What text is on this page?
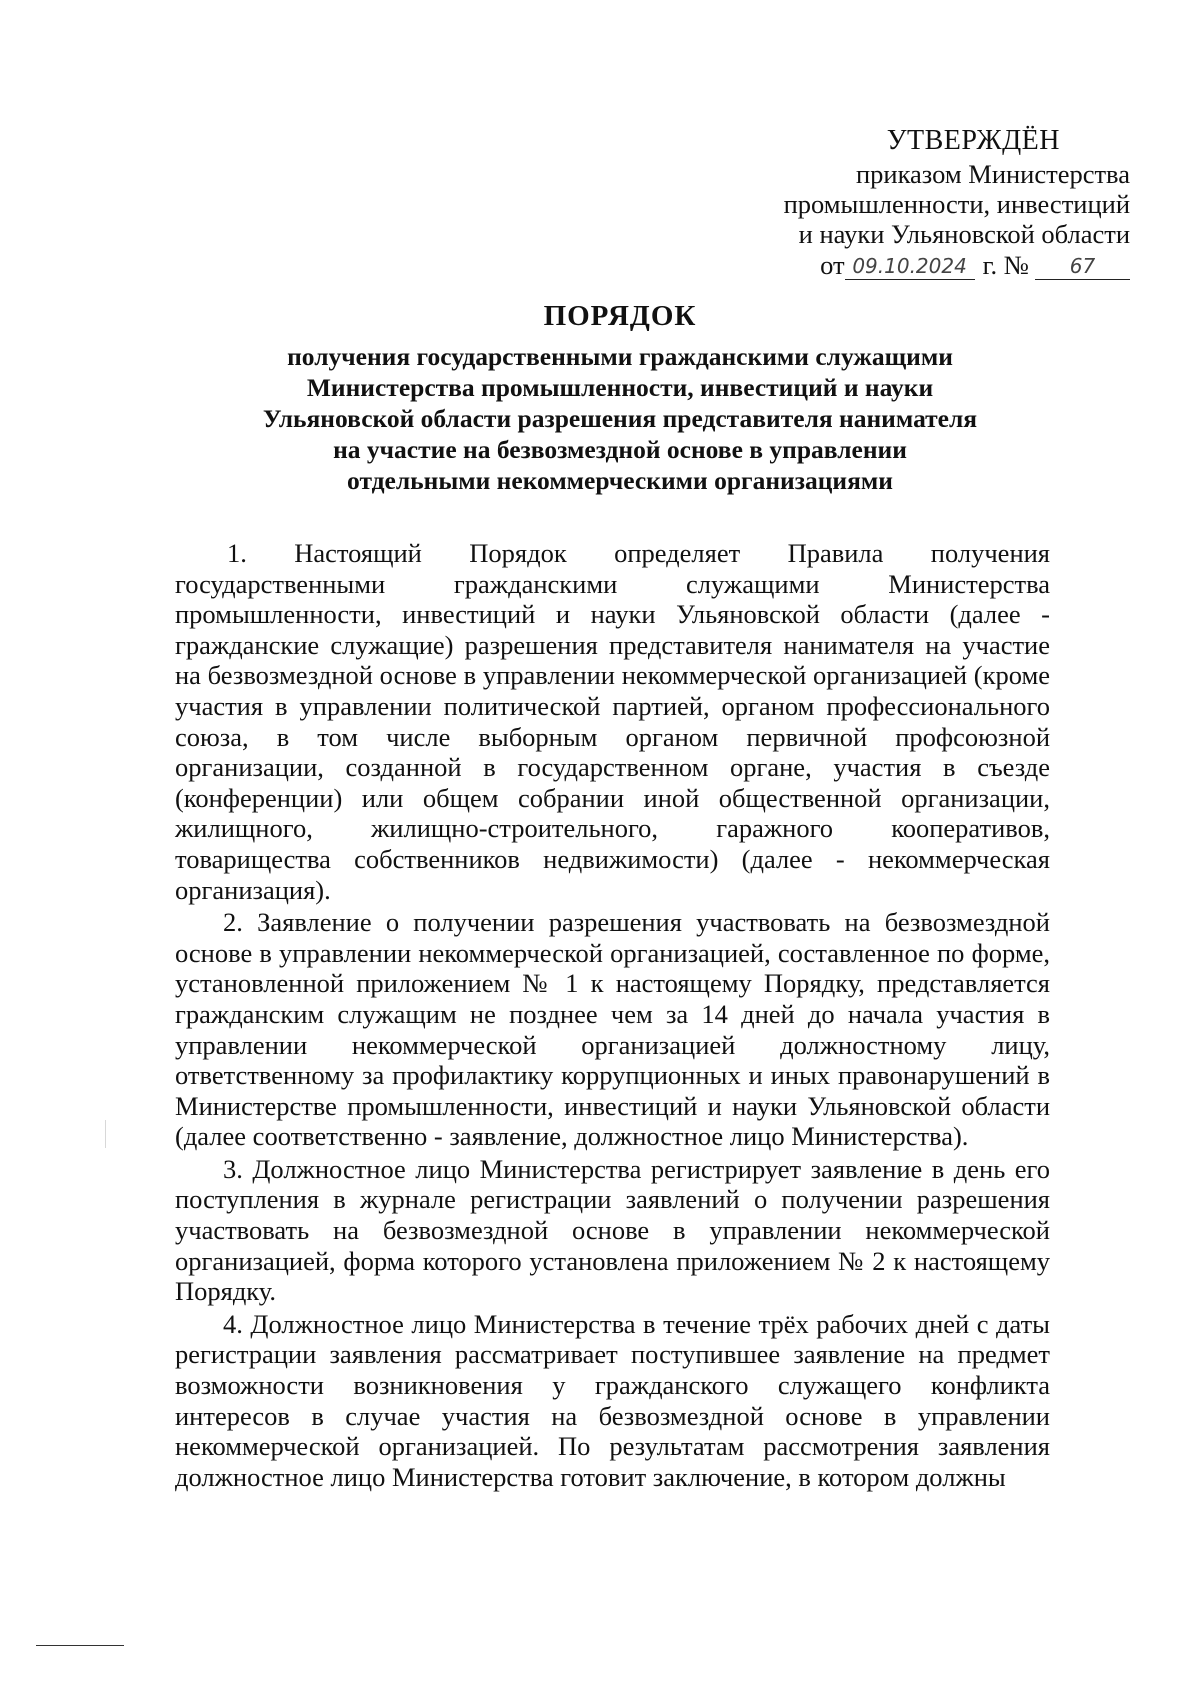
УТВЕРЖДЁН
приказом Министерства
промышленности, инвестиций
и науки Ульяновской области
от 09.10.2024 г. №	67
ПОРЯДОК
получения государственными гражданскими служащими
Министерства промышленности, инвестиций и науки
Ульяновской области разрешения представителя нанимателя
на участие на безвозмездной основе в управлении
отдельными некоммерческими организациями

1. Настоящий Порядок определяет Правила получения государственными гражданскими служащими Министерства промышленности, инвестиций и науки Ульяновской области (далее - гражданские служащие) разрешения представителя нанимателя на участие на безвозмездной основе в управлении некоммерческой организацией (кроме участия в управлении политической партией, органом профессионального союза, в том числе выборным органом первичной профсоюзной организации, созданной в государственном органе, участия в съезде (конференции) или общем собрании иной общественной организации, жилищного, жилищно-строительного, гаражного кооперативов, товарищества собственников недвижимости) (далее - некоммерческая организация).

2. Заявление о получении разрешения участвовать на безвозмездной основе в управлении некоммерческой организацией, составленное по форме, установленной приложением № 1 к настоящему Порядку, представляется гражданским служащим не позднее чем за 14 дней до начала участия в управлении некоммерческой организацией должностному лицу, ответственному за профилактику коррупционных и иных правонарушений в Министерстве промышленности, инвестиций и науки Ульяновской области (далее соответственно - заявление, должностное лицо Министерства).

3. Должностное лицо Министерства регистрирует заявление в день его поступления в журнале регистрации заявлений о получении разрешения участвовать на безвозмездной основе в управлении некоммерческой организацией, форма которого установлена приложением № 2 к настоящему Порядку.

4. Должностное лицо Министерства в течение трёх рабочих дней с даты регистрации заявления рассматривает поступившее заявление на предмет возможности возникновения у гражданского служащего конфликта интересов в случае участия на безвозмездной основе в управлении некоммерческой организацией. По результатам рассмотрения заявления должностное лицо Министерства готовит заключение, в котором должны
